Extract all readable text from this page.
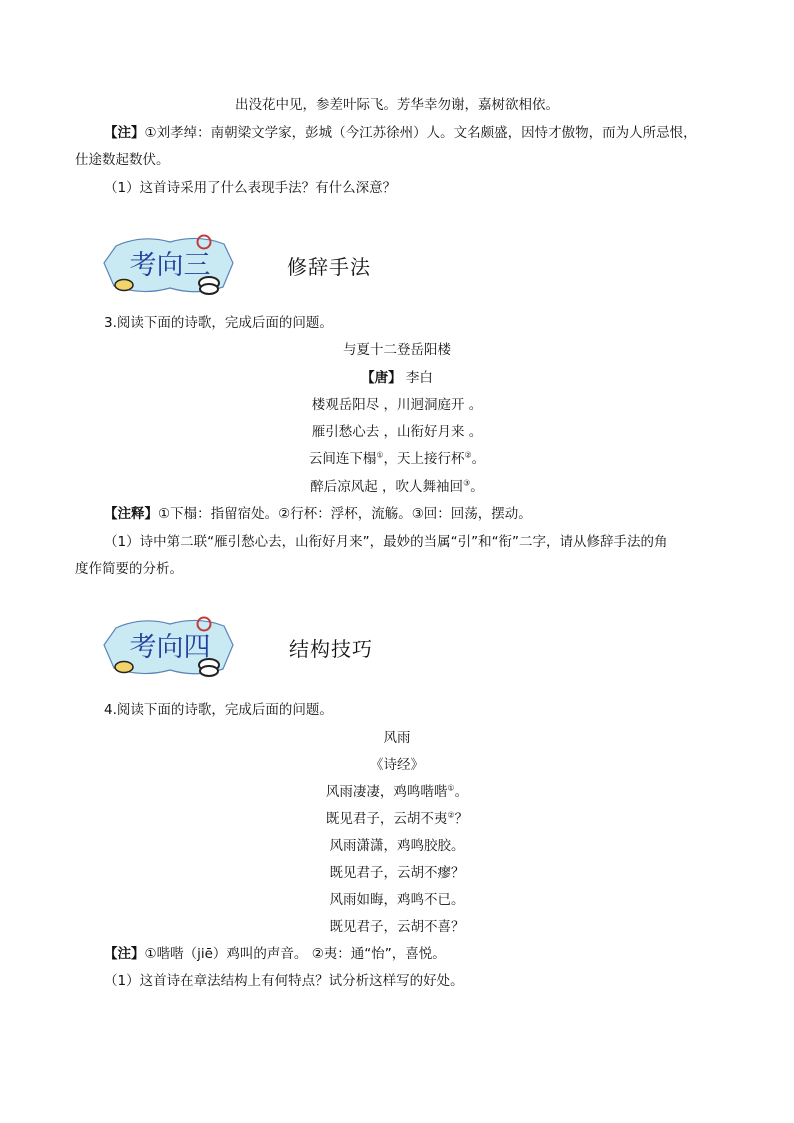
出没花中见，参差叶际飞。芳华幸勿谢，嘉树欲相依。
【注】①刘孝绰：南朝梁文学家，彭城（今江苏徐州）人。文名颇盛，因恃才傲物，而为人所忌恨，
仕途数起数伏。
（1）这首诗采用了什么表现手法？有什么深意？
考向三	修辞手法
3.阅读下面的诗歌，完成后面的问题。
与夏十二登岳阳楼
【唐】 李白
楼观岳阳尽 ，川迥洞庭开 。
雁引愁心去 ，山衔好月来 。
云间连下榻①，天上接行杯②。
醉后凉风起 ，吹人舞袖回③。
【注释】①下榻：指留宿处。②行杯：浮杯，流觞。③回：回荡，摆动。
（1）诗中第二联“雁引愁心去，山衔好月来”，最妙的当属“引”和“衔”二字，请从修辞手法的角
度作简要的分析。
考向四	结构技巧
4.阅读下面的诗歌，完成后面的问题。
风雨
《诗经》
风雨凄凄，鸡鸣喈喈①。
既见君子，云胡不夷②？
风雨潇潇，鸡鸣胶胶。
既见君子，云胡不瘳？
风雨如晦，鸡鸣不已。
既见君子，云胡不喜？
【注】①喈喈（jiē）鸡叫的声音。 ②夷：通“怡”，喜悦。
（1）这首诗在章法结构上有何特点？试分析这样写的好处。
